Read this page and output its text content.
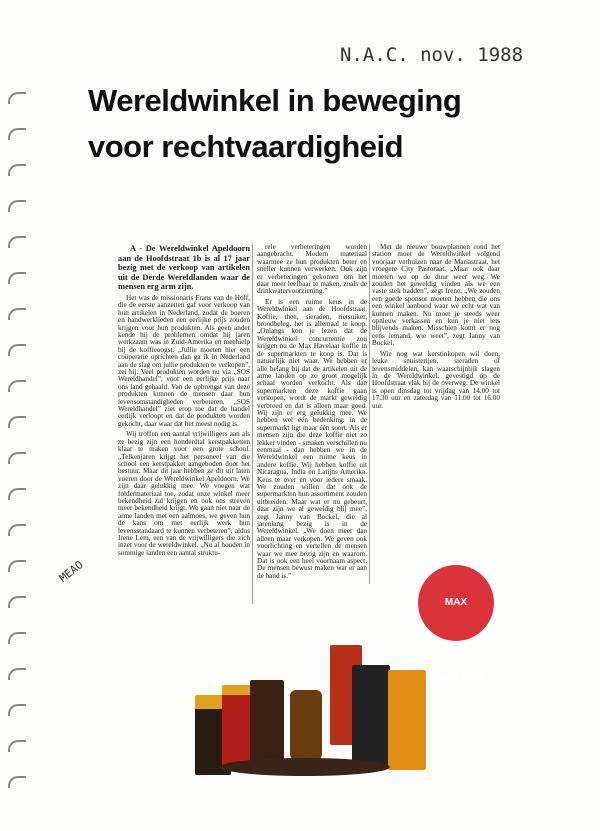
N.A.C. nov. 1988
MEAO
Wereldwinkel in beweging voor rechtvaardigheid

A - De Wereldwinkel Apeldoorn aan de Hoofdstraat 1b is al 17 jaar bezig met de verkoop van artikelen uit de Derde Wereldlanden waar de mensen erg arm zijn.

Het was de missionaris Frans van de Hoff, die de eerste aanzetten gaf voor verkoop van hun artikelen in Nederland, zodat de boeren en handwerklieden een eerlijke prijs zouden krijgen voor hun produkten. Als geen ander kende hij de problemen omdat hij jaren werkzaam was in Zuid-Amerika en meehielp bij de koffieoogst. „Jullie moeten hier een coöperatie oprichten dan ga ik in Nederland aan de slag om jullie produkten te verkopen”, zei hij. Veel produkten worden nu via „SOS Wereldhandel”, voor een eerlijke prijs naar ons land gehaald. Van de opbrengst van deze produkten kunnen de mensen daar hun levensomstandigheden verbeteren. „SOS Wereldhandel” ziet erop toe dat de handel eerlijk verloopt en dat de produkten worden gekocht, daar waar dat het meest nodig is.

Wij troffen een aantal vrijwilligers aan als ze bezig zijn een honderdtal kerstpakketten klaar te maken voor een grote school. „Telkenjaren krijgt het personeel van die school een kerstpakket aangeboden door het bestuur. Maar dit jaar hebben ze dit uit laten voeren door de Wereldwinkel Apeldoorn. We zijn daar gelukkig mee. We voegen wat foldermateriaal toe, zodat onze winkel meer bekendheid zal krijgen en ook ons streven meer bekendheid krijgt. We gaan niet naar de arme landen met een aalmoes, we geven hun de kans om met eerlijk werk hun levensstandaard te kunnen verbeteren”, aldus Irene Lem, een van de vrijwilligers die zich inzet voor de wereldwinkel. „Nu al houden in sommige landen een aantal struktu-

rele verbeteringen worden aangebracht. Modern materiaal waarmee ze hun produkten beter en sneller kunnen verwerken. Ook zijn er verbeteringen gekomen om het daar meer leefbaar te maken, zoals de drinkwatervoorziening.”

Er is een ruime keus in de Wereldwinkel aan de Hoofdstraat. Koffie, thee, sieraden, rietsuiker, broodbeleg, het is allemaal te koop. „Onlangs kon je lezen dat de Wereldwinkel concurrentie zou krijgen nu de Max Havelaar koffie in de supermarkten te koop is. Dat is natuurlijk niet waar. We hebben er alle belang bij dat de artikelen uit de arme landen op zo groot mogelijk schaal worden verkocht. Als dan supermarkten deze koffie gaan verkopen, wordt de markt geweldig verbreed en dat is alleen maar goed. Wij zijn er erg gelukkig mee. We hebben wel één bedenking: in de supermarkt ligt maar één soort. Als er mensen zijn die deze koffie niet zo lekker vinden - smaken verschillen nu eenmaal - dan hebben we in de Wereldwinkel een ruime keus in andere koffie. Wij hebben koffie uit Nicaragua, India en Latijns Amerika. Keus te over en voor iedere smaak. We zouden willen dat ook de supermarkten hun assortiment zouden uitbreiden. Maar wat er nu gebeurt, daar zijn we al geweldig blij mee”, zegt Janny van Bockel, die al jarenlang bezig is in de Wereldwinkel. „We doen meer dan alleen maar verkopen. We geven ook voorlichting en vertellen de mensen waar we mee bezig zijn en waarom. Dat is ook een heel voornaam aspect. De mensen bewust maken wat er aan de hand is.”

Met de nieuwe bouwplannen rond het station moet de Wereldwinkel volgend voorjaar verhuizen naar de Mariastraat, het vroegere City Pastoraat. „Maar ook daar moeten we op de duur weer weg. We zouden het geweldig vinden als we een vaste stek hadden”, zegt Irene. „We zouden een goede sponsor moeten hebben die ons een winkel aanbood waar we echt wat van kunnen maken. Nu moet je steeds weer opnieuw verkassen en kun je niet iets blijvends maken. Misschien komt er nog eens iemand, wie weet”, zegt Janny van Bockel.

Wie nog wat kerstinkopen wil doen, leuke snuisterijen, sieraden of levensmiddelen, kan waarschijnlijk slagen in de Wereldwinkel, gevestigd op de Hoofdstraat vlak bij de overweg. De winkel is open dinsdag tot vrijdag van 14.00 tot 17.30 uur en zaterdag van 11.00 tot 16.00 uur.

MAX HAVELAAR
